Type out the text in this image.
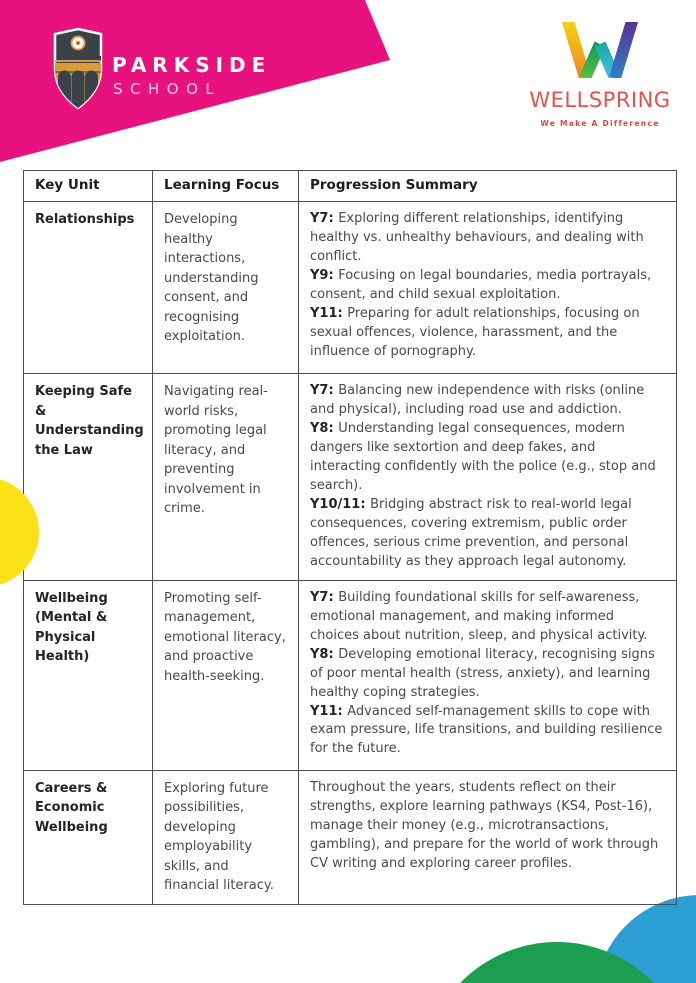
PARKSIDE
SCHOOL	WELLSPRING
We Make A Difference
Key Unit	Learning Focus	Progression Summary
Relationships	Developing healthy interactions, understanding consent, and recognising exploitation.	Y7: Exploring different relationships, identifying healthy vs. unhealthy behaviours, and dealing with conflict.
Y9: Focusing on legal boundaries, media portrayals, consent, and child sexual exploitation.
Y11: Preparing for adult relationships, focusing on sexual offences, violence, harassment, and the influence of pornography.

Keeping Safe & Understanding the Law	Navigating real-world risks, promoting legal literacy, and preventing involvement in crime.	Y7: Balancing new independence with risks (online and physical), including road use and addiction.
Y8: Understanding legal consequences, modern dangers like sextortion and deep fakes, and interacting confidently with the police (e.g., stop and search).
Y10/11: Bridging abstract risk to real-world legal consequences, covering extremism, public order offences, serious crime prevention, and personal accountability as they approach legal autonomy.

Wellbeing (Mental & Physical Health)	Promoting self-management, emotional literacy, and proactive health-seeking.	Y7: Building foundational skills for self-awareness, emotional management, and making informed choices about nutrition, sleep, and physical activity.
Y8: Developing emotional literacy, recognising signs of poor mental health (stress, anxiety), and learning healthy coping strategies.
Y11: Advanced self-management skills to cope with exam pressure, life transitions, and building resilience for the future.

Careers & Economic Wellbeing	Exploring future possibilities, developing employability skills, and financial literacy.	Throughout the years, students reflect on their strengths, explore learning pathways (KS4, Post-16), manage their money (e.g., microtransactions, gambling), and prepare for the world of work through CV writing and exploring career profiles.
